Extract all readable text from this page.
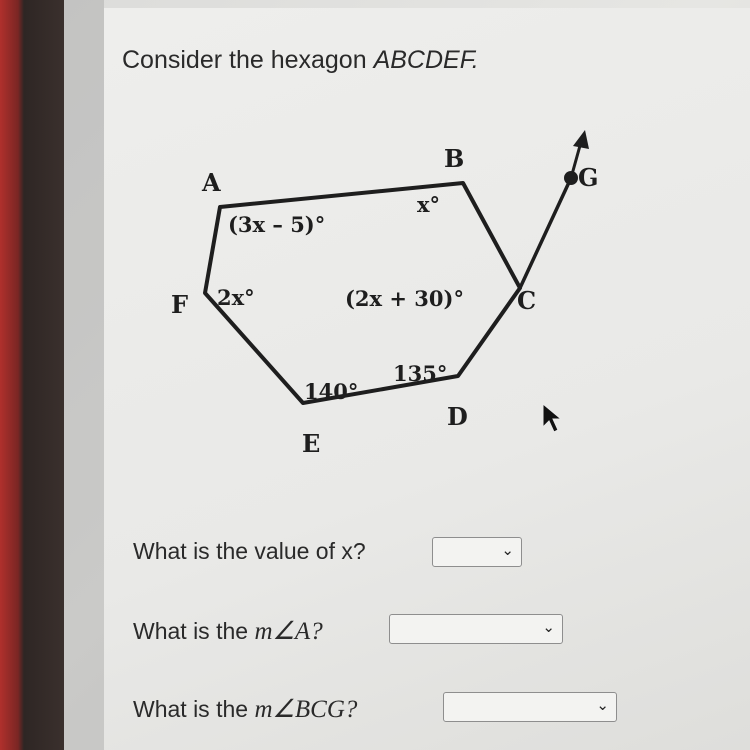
Consider the hexagon ABCDEF.
A
B
C
D
E
F
G
(3x – 5)°
x°
(2x + 30)°
135°
140°
2x°
What is the value of x?	⌄
What is the m∠A?	⌄
What is the m∠BCG?	⌄
